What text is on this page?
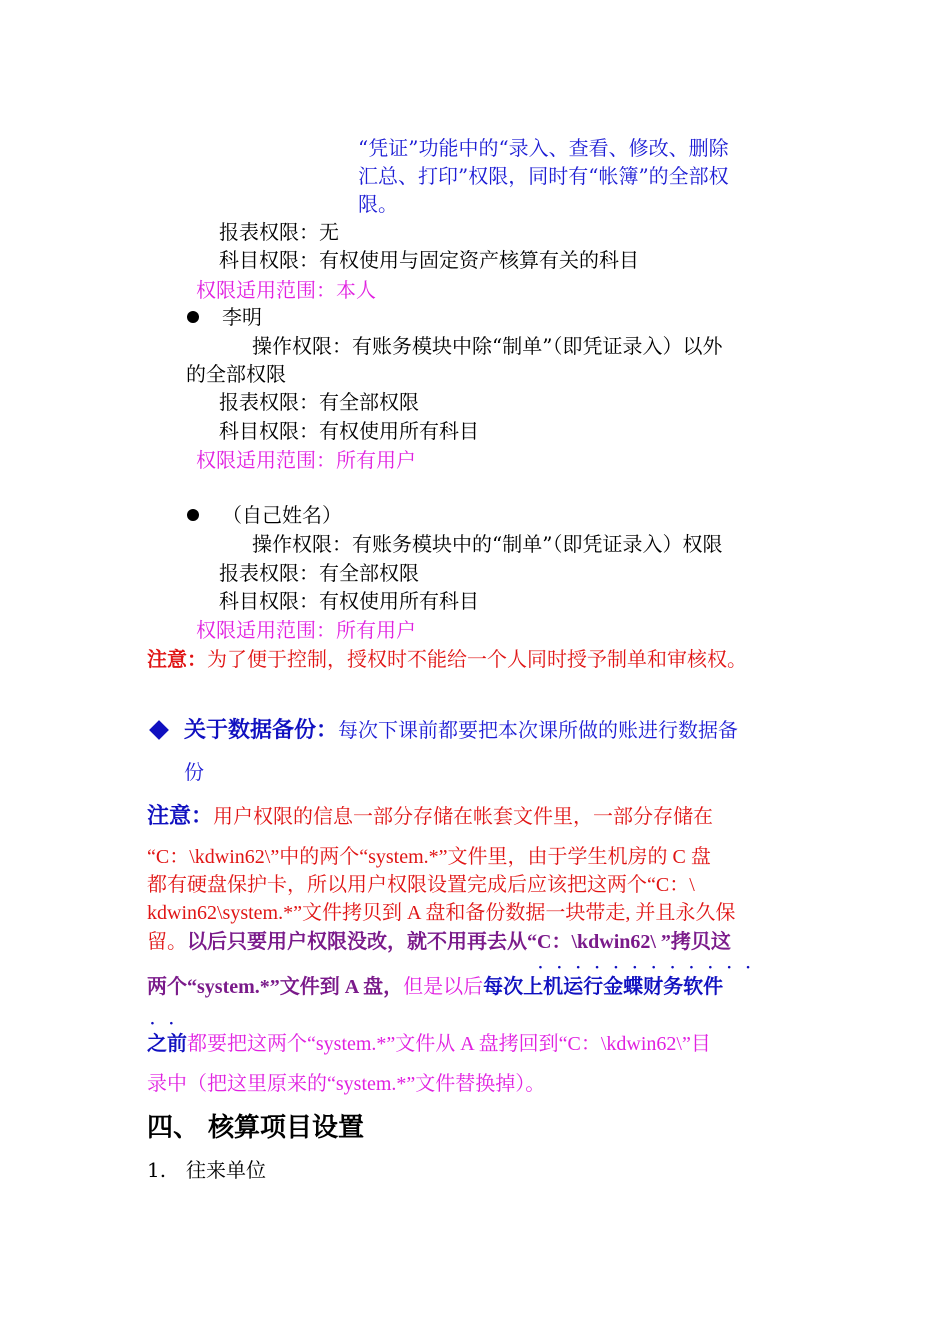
“凭证”功能中的“录入、查看、修改、删除
汇总、打印”权限，同时有“帐簿”的全部权
限。
报表权限：无
科目权限：有权使用与固定资产核算有关的科目
权限适用范围：本人
李明
操作权限：有账务模块中除“制单”（即凭证录入）以外
的全部权限
报表权限：有全部权限
科目权限：有权使用所有科目
权限适用范围：所有用户
（自己姓名）
操作权限：有账务模块中的“制单”（即凭证录入）权限
报表权限：有全部权限
科目权限：有权使用所有科目
权限适用范围：所有用户
注意：为了便于控制，授权时不能给一个人同时授予制单和审核权。
关于数据备份：每次下课前都要把本次课所做的账进行数据备
份
注意：用户权限的信息一部分存储在帐套文件里，一部分存储在
“C：\kdwin62\”中的两个“system.*”文件里，由于学生机房的 C 盘
都有硬盘保护卡，所以用户权限设置完成后应该把这两个“C：\
kdwin62\system.*”文件拷贝到 A 盘和备份数据一块带走, 并且永久保
留。以后只要用户权限没改，就不用再去从“C：\kdwin62\ ”拷贝这
············
两个“system.*”文件到 A 盘，但是以后每次上机运行金蝶财务软件
··
之前都要把这两个“system.*”文件从 A 盘拷回到“C：\kdwin62\”目
录中（把这里原来的“system.*”文件替换掉）。
四、 核算项目设置
1. 往来单位
